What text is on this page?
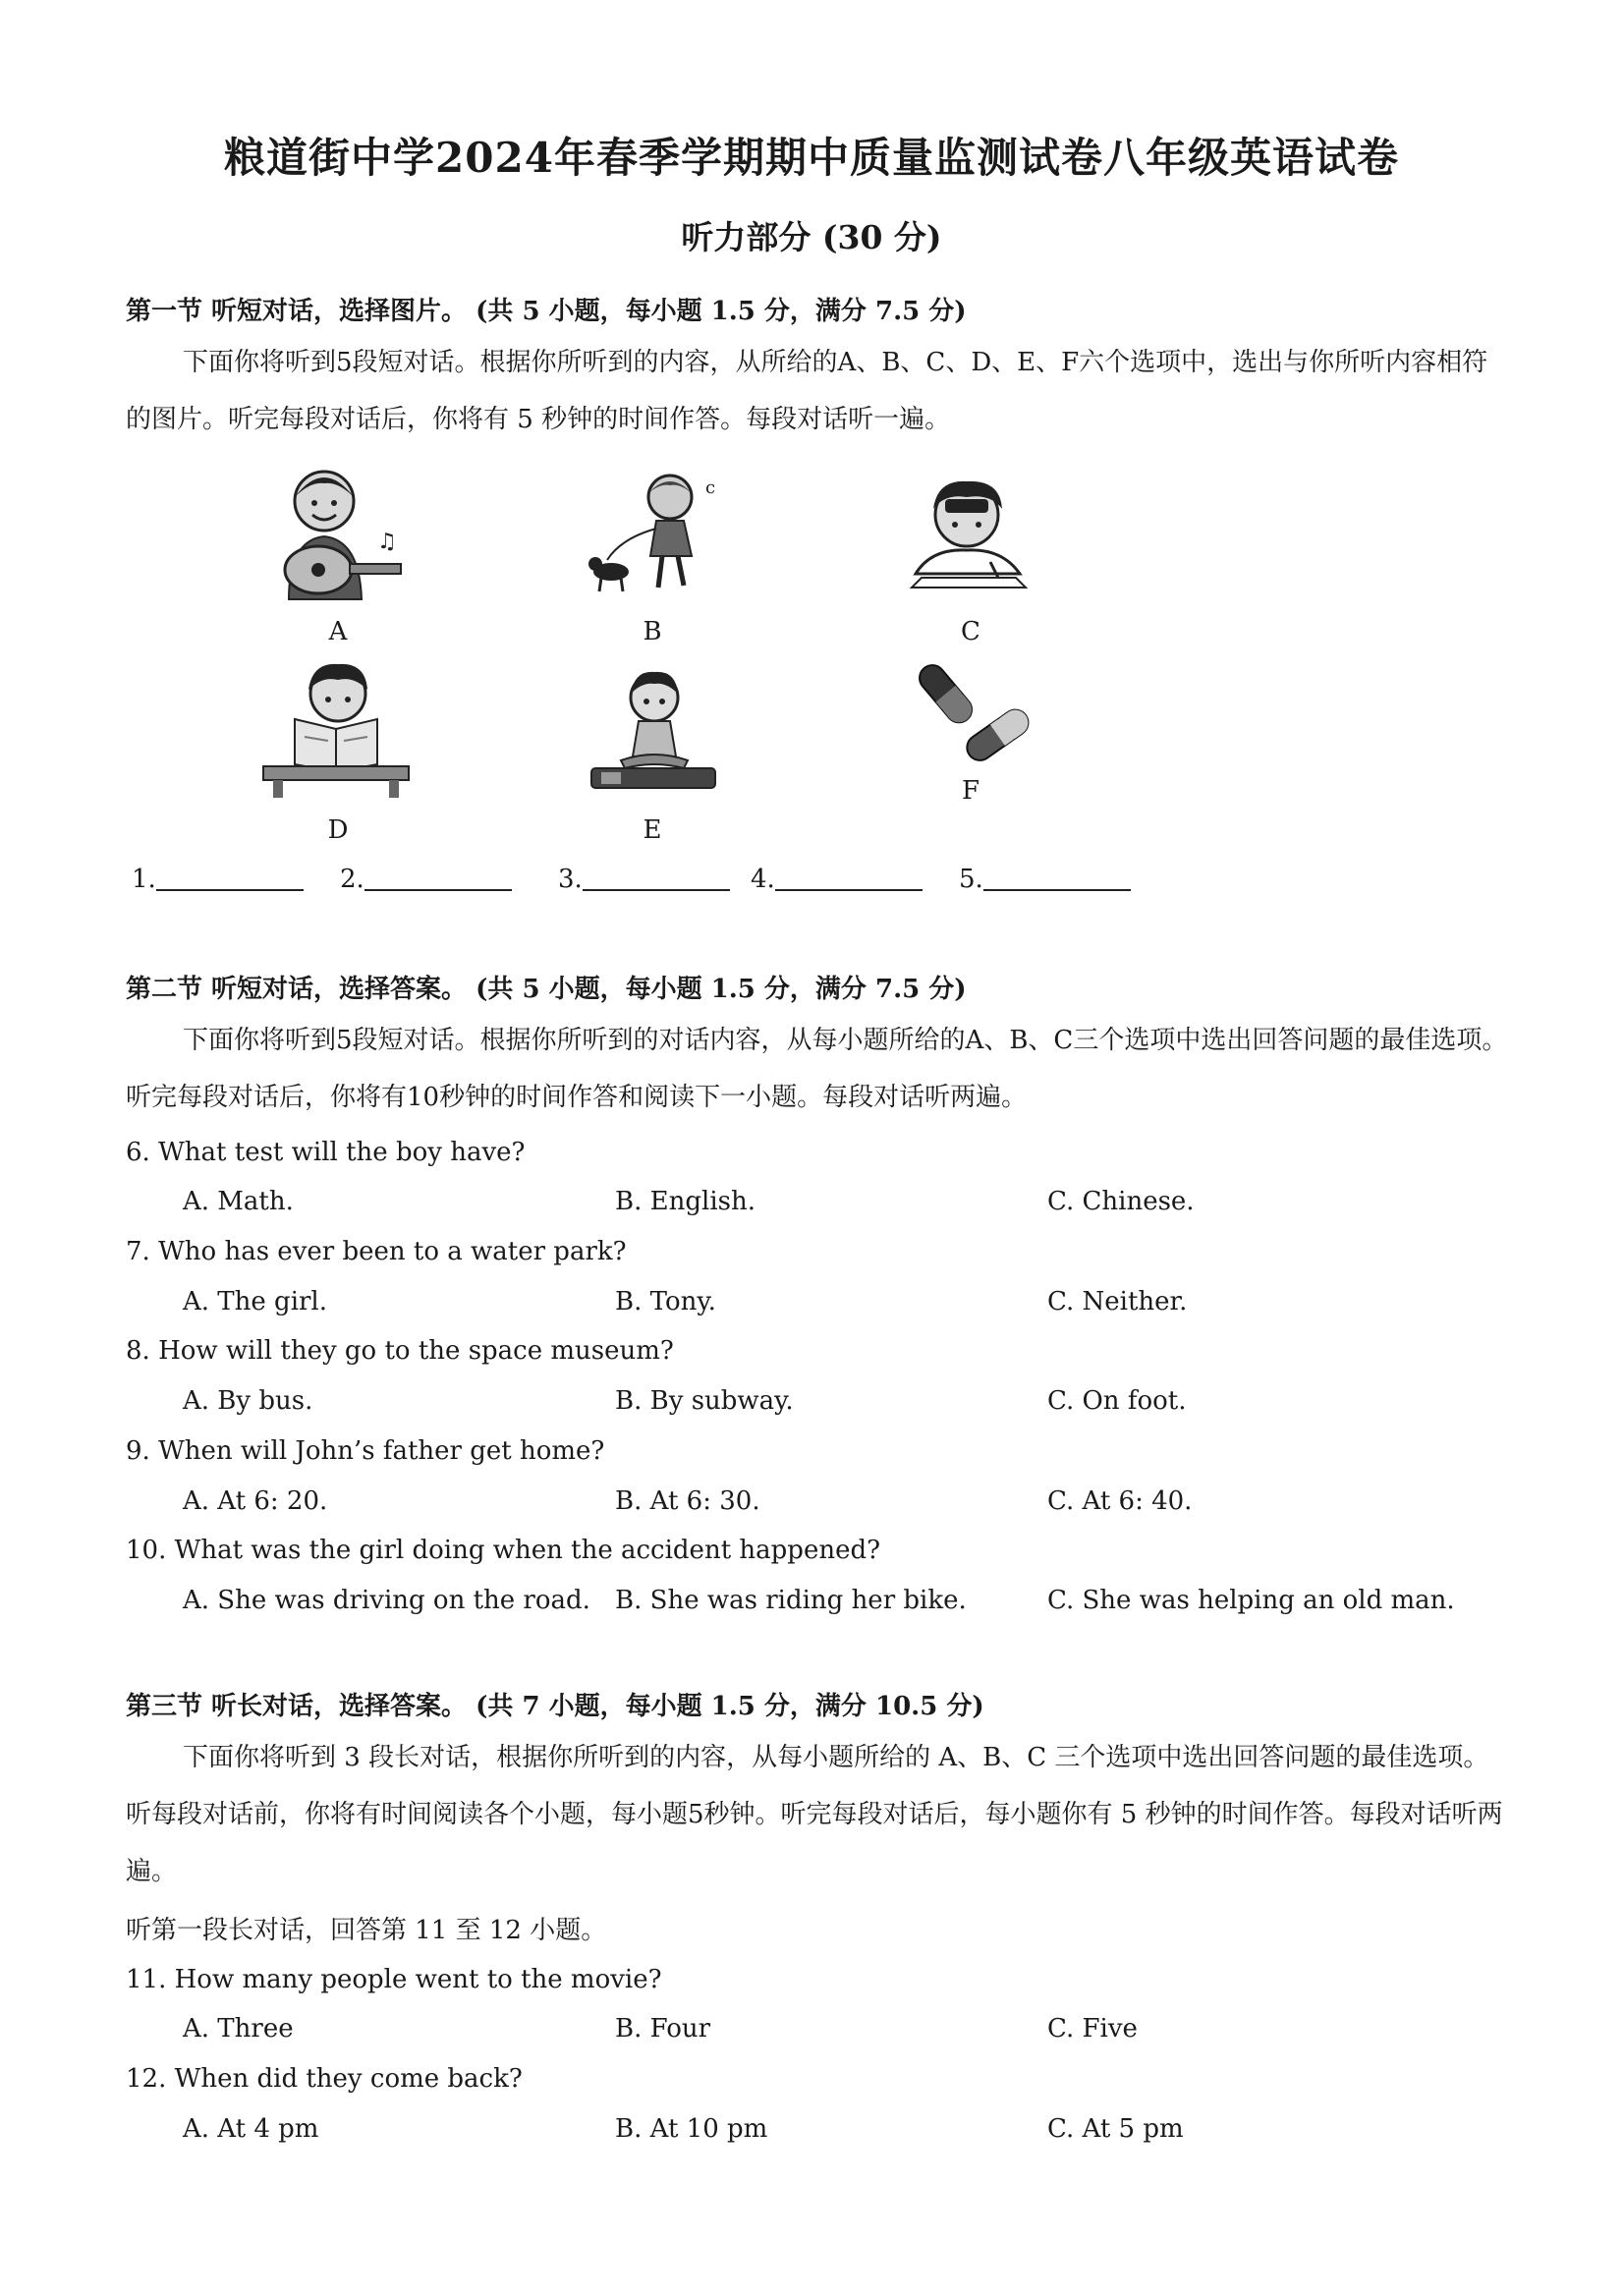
粮道街中学2024年春季学期期中质量监测试卷八年级英语试卷
听力部分 (30 分)
第一节 听短对话，选择图片。 (共 5 小题，每小题 1.5 分，满分 7.5 分)
下面你将听到5段短对话。根据你所听到的内容，从所给的A、B、C、D、E、F六个选项中，选出与你所听内容相符的图片。听完每段对话后，你将有 5 秒钟的时间作答。每段对话听一遍。
♫
A
c
B	C
D	E
F
1.	2.	3.	4.	5.
第二节 听短对话，选择答案。 (共 5 小题，每小题 1.5 分，满分 7.5 分)
下面你将听到5段短对话。根据你所听到的对话内容，从每小题所给的A、B、C三个选项中选出回答问题的最佳选项。听完每段对话后，你将有10秒钟的时间作答和阅读下一小题。每段对话听两遍。
6. What test will the boy have?
A. Math.	B. English.	C. Chinese.
7. Who has ever been to a water park?
A. The girl.	B. Tony.	C. Neither.
8. How will they go to the space museum?
A. By bus.	B. By subway.	C. On foot.
9. When will John’s father get home?
A. At 6: 20.	B. At 6: 30.	C. At 6: 40.
10. What was the girl doing when the accident happened?
A. She was driving on the road. B. She was riding her bike.	C. She was helping an old man.
第三节 听长对话，选择答案。 (共 7 小题，每小题 1.5 分，满分 10.5 分)
下面你将听到 3 段长对话，根据你所听到的内容，从每小题所给的 A、B、C 三个选项中选出回答问题的最佳选项。听每段对话前，你将有时间阅读各个小题，每小题5秒钟。听完每段对话后，每小题你有 5 秒钟的时间作答。每段对话听两遍。
听第一段长对话，回答第 11 至 12 小题。
11. How many people went to the movie?
A. Three	B. Four	C. Five
12. When did they come back?
A. At 4 pm	B. At 10 pm	C. At 5 pm
